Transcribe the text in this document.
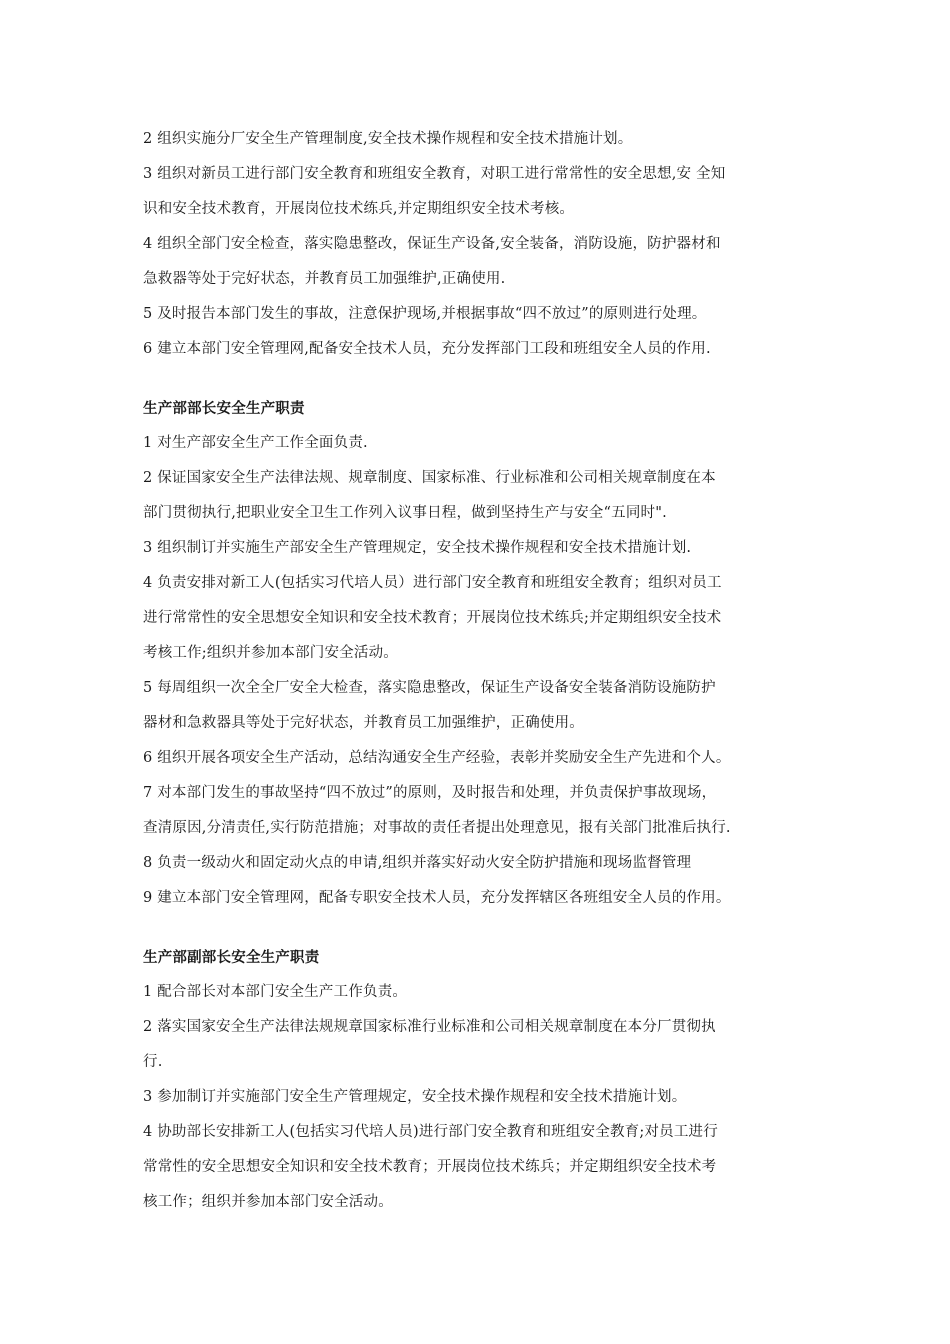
2 组织实施分厂安全生产管理制度,安全技术操作规程和安全技术措施计划。
3 组织对新员工进行部门安全教育和班组安全教育，对职工进行常常性的安全思想,安 全知
识和安全技术教育，开展岗位技术练兵,并定期组织安全技术考核。
4 组织全部门安全检查，落实隐患整改，保证生产设备,安全装备，消防设施，防护器材和
急救器等处于完好状态，并教育员工加强维护,正确使用.
5 及时报告本部门发生的事故，注意保护现场,并根据事故“四不放过”的原则进行处理。
6 建立本部门安全管理网,配备安全技术人员，充分发挥部门工段和班组安全人员的作用.
生产部部长安全生产职责
1 对生产部安全生产工作全面负责.
2 保证国家安全生产法律法规、规章制度、国家标准、行业标准和公司相关规章制度在本
部门贯彻执行,把职业安全卫生工作列入议事日程，做到坚持生产与安全“五同时".
3 组织制订并实施生产部安全生产管理规定，安全技术操作规程和安全技术措施计划.
4 负责安排对新工人(包括实习代培人员）进行部门安全教育和班组安全教育；组织对员工
进行常常性的安全思想安全知识和安全技术教育；开展岗位技术练兵;并定期组织安全技术
考核工作;组织并参加本部门安全活动。
5 每周组织一次全全厂安全大检查，落实隐患整改，保证生产设备安全装备消防设施防护
器材和急救器具等处于完好状态，并教育员工加强维护，正确使用。
6 组织开展各项安全生产活动，总结沟通安全生产经验，表彰并奖励安全生产先进和个人。
7 对本部门发生的事故坚持“四不放过”的原则，及时报告和处理，并负责保护事故现场，
查清原因,分清责任,实行防范措施；对事故的责任者提出处理意见，报有关部门批准后执行.
8 负责一级动火和固定动火点的申请,组织并落实好动火安全防护措施和现场监督管理
9 建立本部门安全管理网，配备专职安全技术人员，充分发挥辖区各班组安全人员的作用。
生产部副部长安全生产职责
1 配合部长对本部门安全生产工作负责。
2 落实国家安全生产法律法规规章国家标准行业标准和公司相关规章制度在本分厂贯彻执
行.
3 参加制订并实施部门安全生产管理规定，安全技术操作规程和安全技术措施计划。
4 协助部长安排新工人(包括实习代培人员)进行部门安全教育和班组安全教育;对员工进行
常常性的安全思想安全知识和安全技术教育；开展岗位技术练兵；并定期组织安全技术考
核工作；组织并参加本部门安全活动。
